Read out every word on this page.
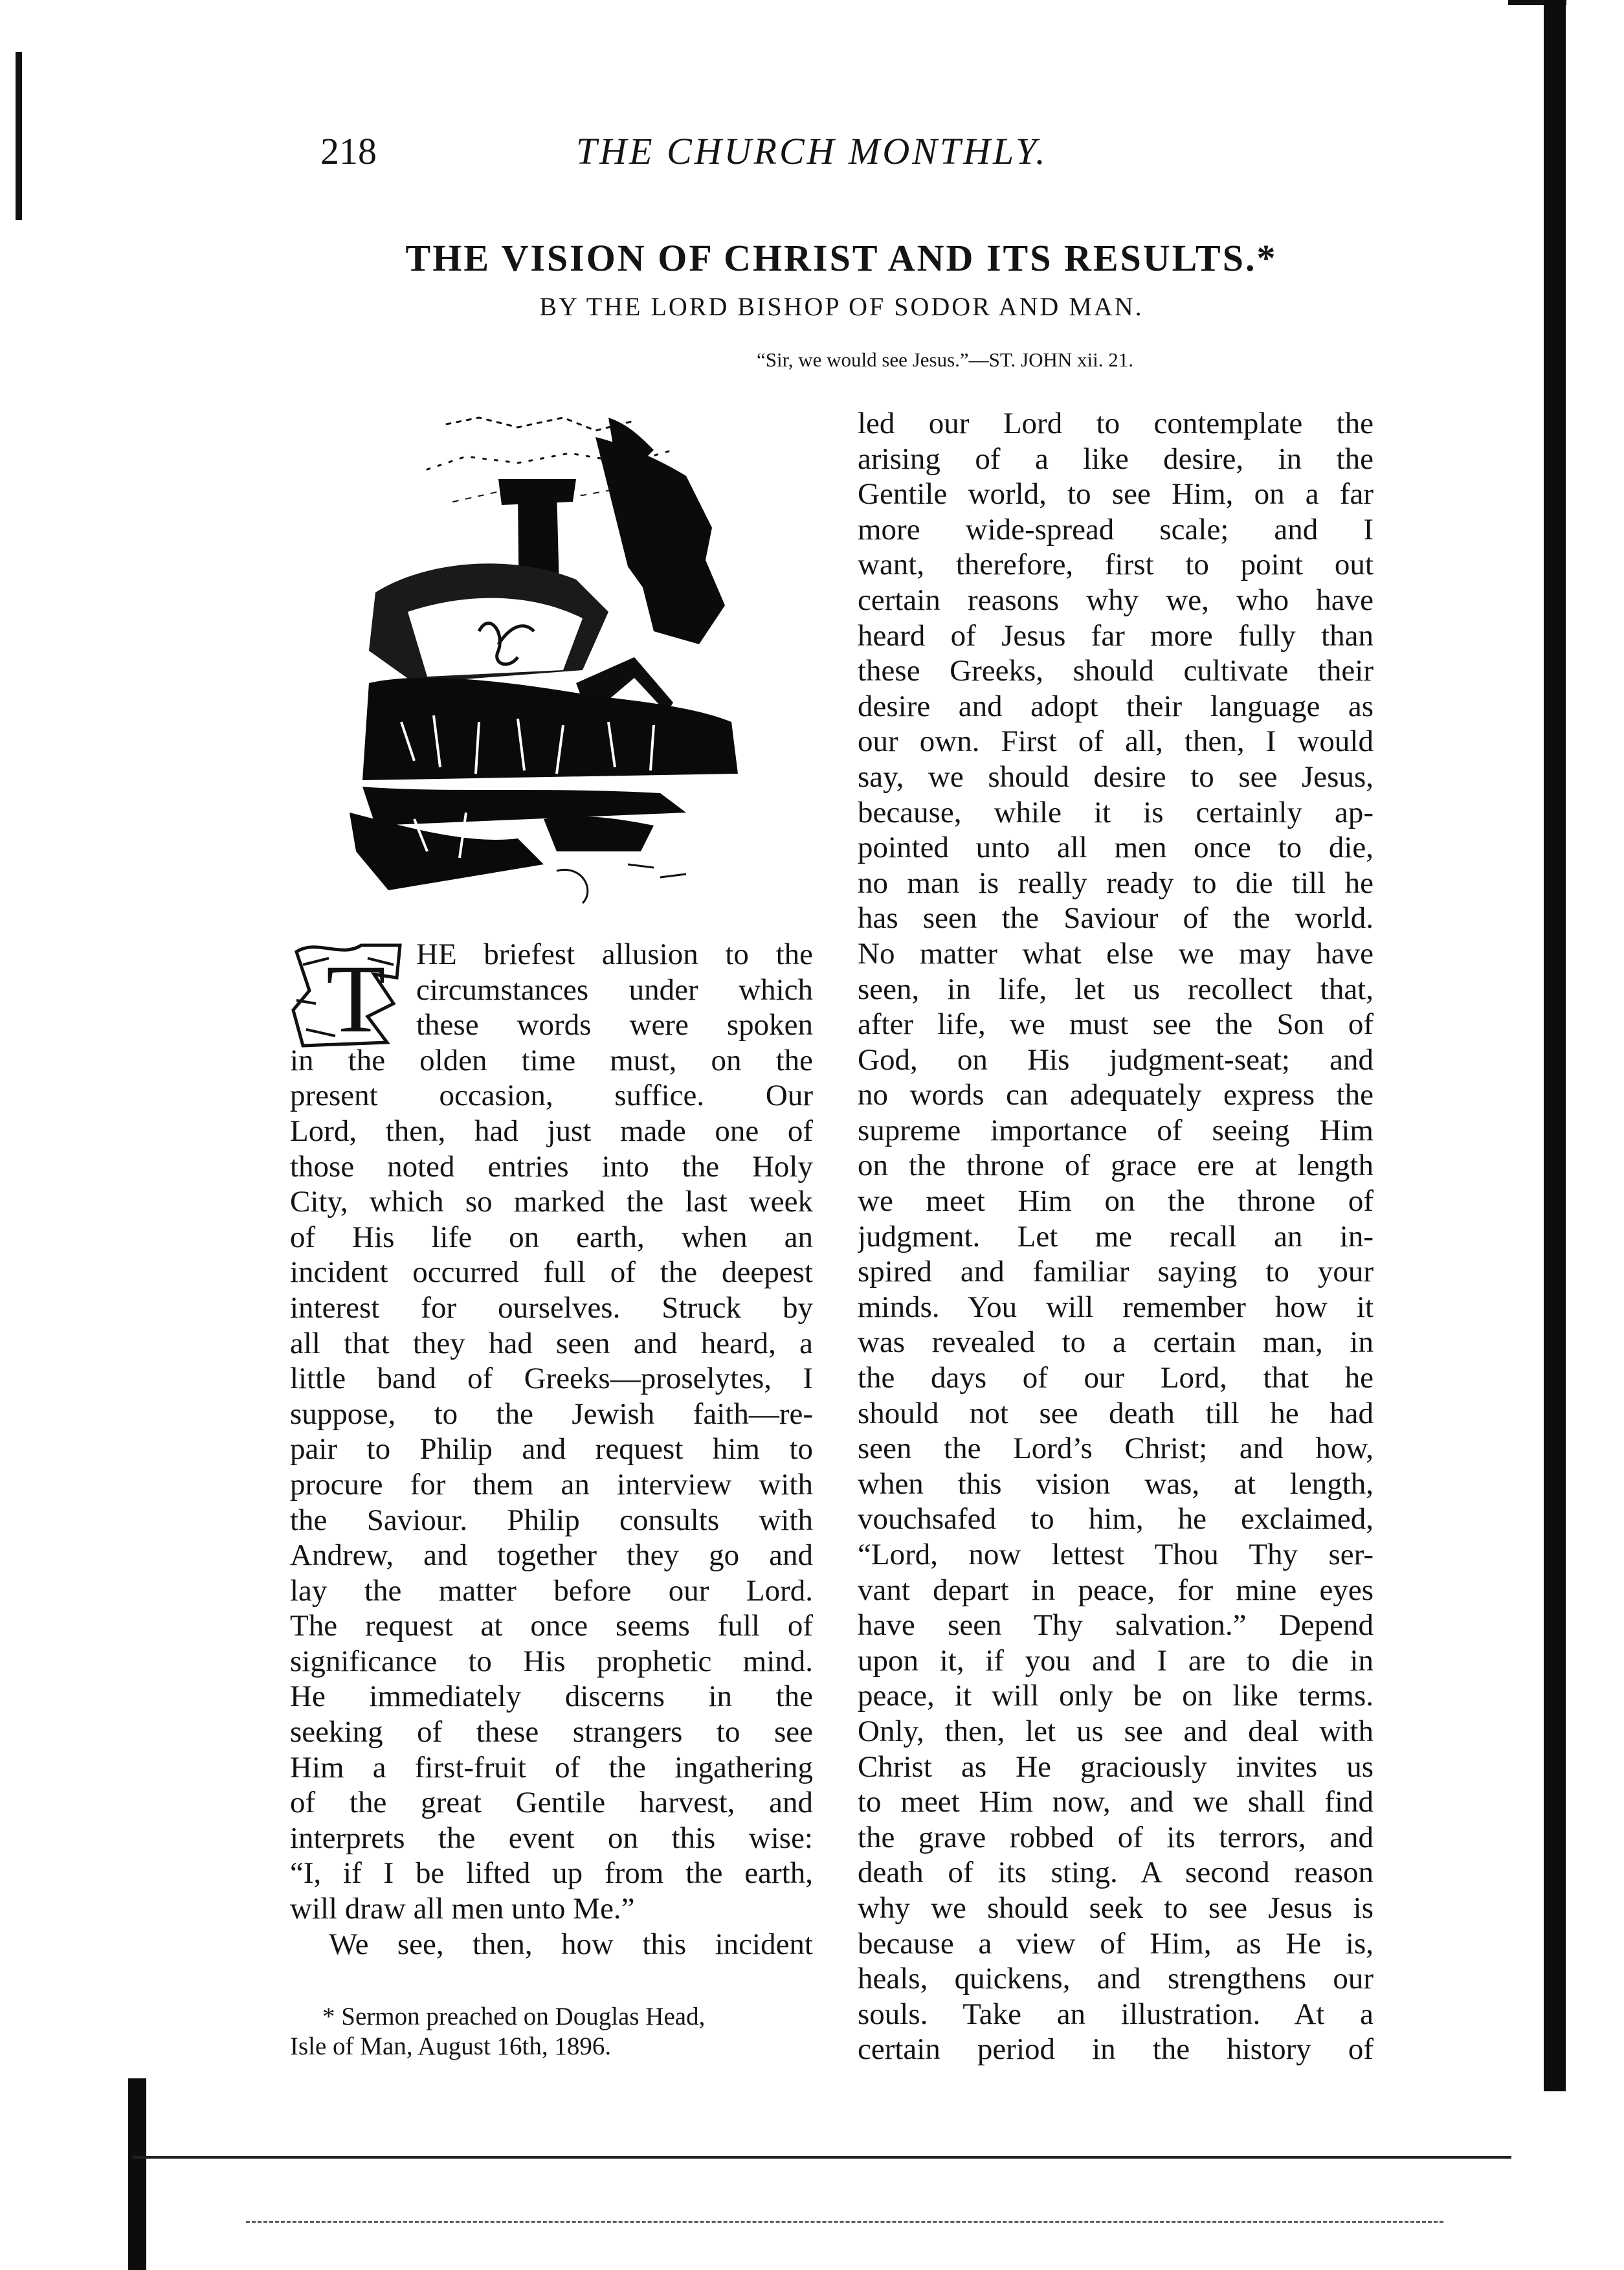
218	THE CHURCH MONTHLY.
THE VISION OF CHRIST AND ITS RESULTS.*
BY THE LORD BISHOP OF SODOR AND MAN.
“Sir, we would see Jesus.”—ST. JOHN xii. 21.
T	HE briefest allusion to the
circumstances under which
these words were spoken
in the olden time must, on the
present occasion, suffice. Our
Lord, then, had just made one of
those noted entries into the Holy
City, which so marked the last week
of His life on earth, when an
incident occurred full of the deepest
interest for ourselves. Struck by
all that they had seen and heard, a
little band of Greeks—proselytes, I
suppose, to the Jewish faith—re-
pair to Philip and request him to
procure for them an interview with
the Saviour. Philip consults with
Andrew, and together they go and
lay the matter before our Lord.
The request at once seems full of
significance to His prophetic mind.
He immediately discerns in the
seeking of these strangers to see
Him a first-fruit of the ingathering
of the great Gentile harvest, and
interprets the event on this wise:
“I, if I be lifted up from the earth,
will draw all men unto Me.”
We see, then, how this incident
* Sermon preached on Douglas Head,
Isle of Man, August 16th, 1896.
led our Lord to contemplate the
arising of a like desire, in the
Gentile world, to see Him, on a far
more wide-spread scale; and I
want, therefore, first to point out
certain reasons why we, who have
heard of Jesus far more fully than
these Greeks, should cultivate their
desire and adopt their language as
our own. First of all, then, I would
say, we should desire to see Jesus,
because, while it is certainly ap-
pointed unto all men once to die,
no man is really ready to die till he
has seen the Saviour of the world.
No matter what else we may have
seen, in life, let us recollect that,
after life, we must see the Son of
God, on His judgment-seat; and
no words can adequately express the
supreme importance of seeing Him
on the throne of grace ere at length
we meet Him on the throne of
judgment. Let me recall an in-
spired and familiar saying to your
minds. You will remember how it
was revealed to a certain man, in
the days of our Lord, that he
should not see death till he had
seen the Lord’s Christ; and how,
when this vision was, at length,
vouchsafed to him, he exclaimed,
“Lord, now lettest Thou Thy ser-
vant depart in peace, for mine eyes
have seen Thy salvation.” Depend
upon it, if you and I are to die in
peace, it will only be on like terms.
Only, then, let us see and deal with
Christ as He graciously invites us
to meet Him now, and we shall find
the grave robbed of its terrors, and
death of its sting. A second reason
why we should seek to see Jesus is
because a view of Him, as He is,
heals, quickens, and strengthens our
souls. Take an illustration. At a
certain period in the history of
